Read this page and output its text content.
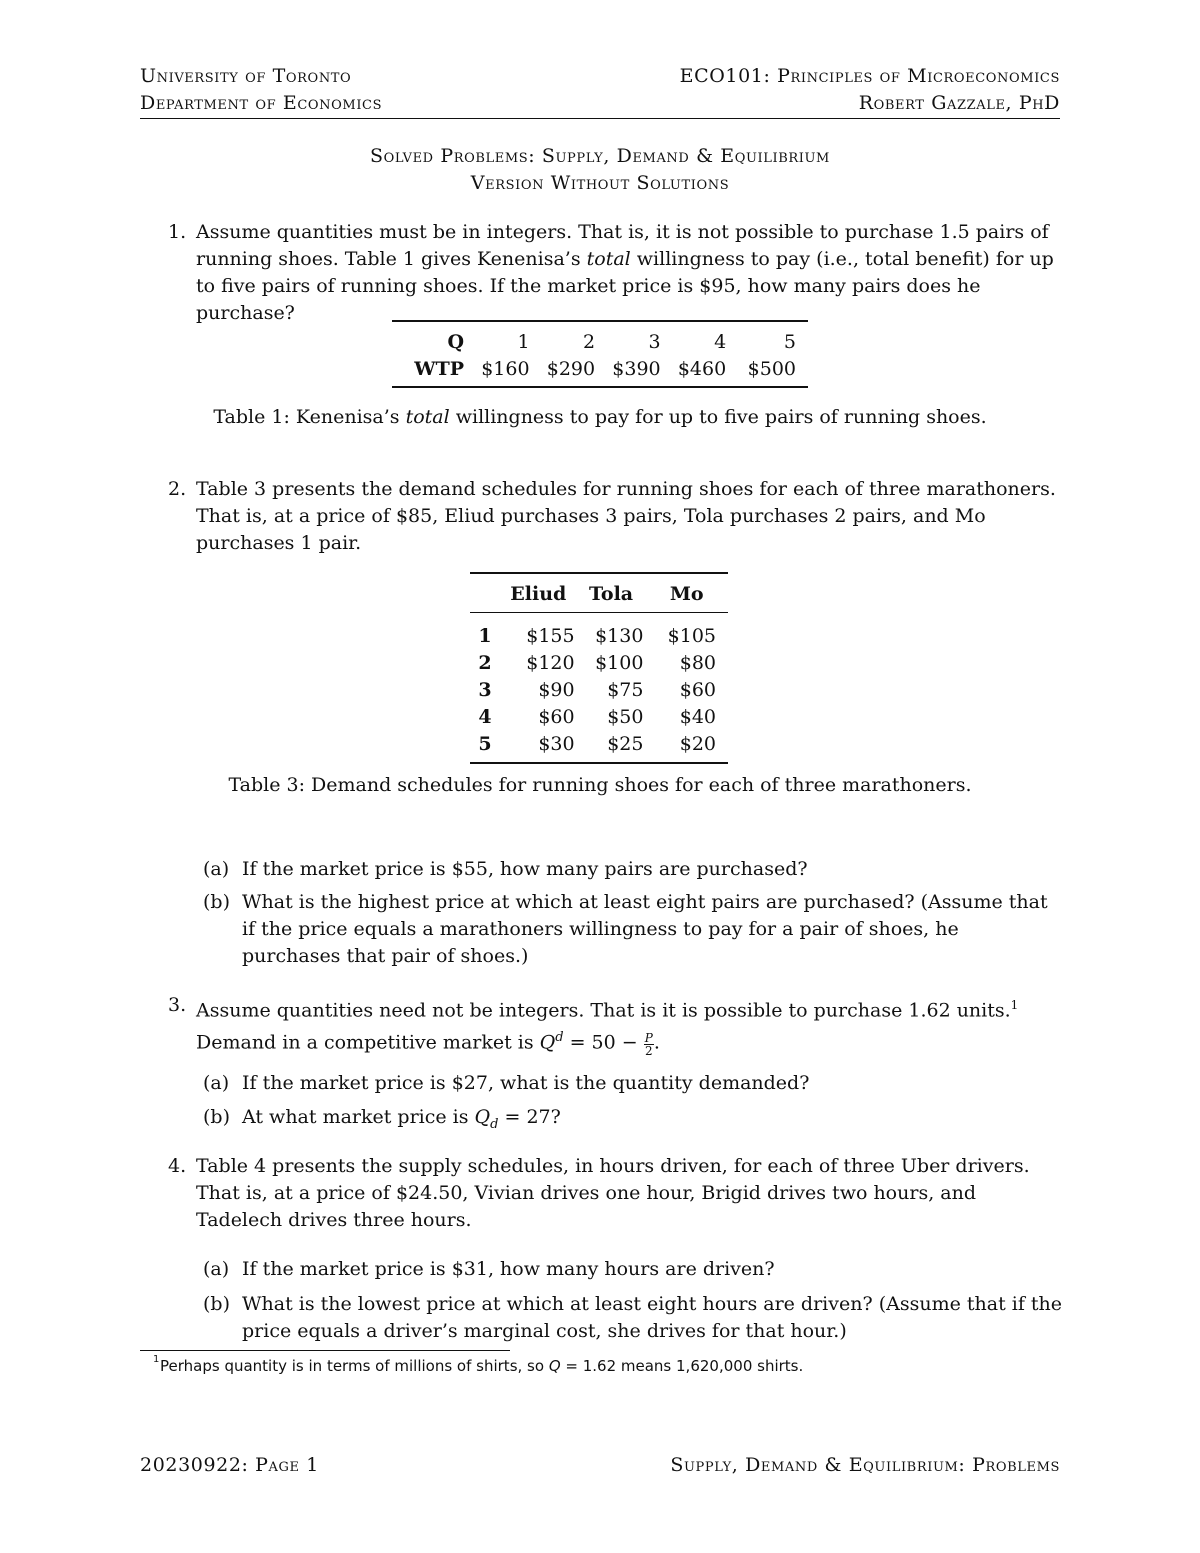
University of Toronto
Department of Economics
ECO101: Principles of Microeconomics
Robert Gazzale, PhD
Solved Problems: Supply, Demand & Equilibrium
Version Without Solutions
1. Assume quantities must be in integers. That is, it is not possible to purchase 1.5 pairs of running shoes. Table 1 gives Kenenisa’s total willingness to pay (i.e., total benefit) for up to five pairs of running shoes. If the market price is $95, how many pairs does he purchase?
Q	1	2	3	4	5
WTP	$160	$290	$390	$460	$500
Table 1: Kenenisa’s total willingness to pay for up to five pairs of running shoes.
2. Table 3 presents the demand schedules for running shoes for each of three marathoners. That is, at a price of $85, Eliud purchases 3 pairs, Tola purchases 2 pairs, and Mo purchases 1 pair.
	Eliud	Tola	Mo
1	$155	$130	$105
2	$120	$100	$80
3	$90	$75	$60
4	$60	$50	$40
5	$30	$25	$20
Table 3: Demand schedules for running shoes for each of three marathoners.
(a) If the market price is $55, how many pairs are purchased?
(b) What is the highest price at which at least eight pairs are purchased? (Assume that if the price equals a marathoners willingness to pay for a pair of shoes, he purchases that pair of shoes.)
3. Assume quantities need not be integers. That is it is possible to purchase 1.62 units.$^1$ Demand in a competitive market is $Q^d = 50 - \frac{P}{2}$ .
(a) If the market price is $27, what is the quantity demanded?
(b) At what market price is $Q_d = 27$?
4. Table 4 presents the supply schedules, in hours driven, for each of three Uber drivers. That is, at a price of $24.50, Vivian drives one hour, Brigid drives two hours, and Tadelech drives three hours.
(a) If the market price is $31, how many hours are driven?
(b) What is the lowest price at which at least eight hours are driven? (Assume that if the price equals a driver’s marginal cost, she drives for that hour.)
1 Perhaps quantity is in terms of millions of shirts, so Q = 1.62 means 1,620,000 shirts.
20230922: Page 1	Supply, Demand & Equilibrium: Problems
